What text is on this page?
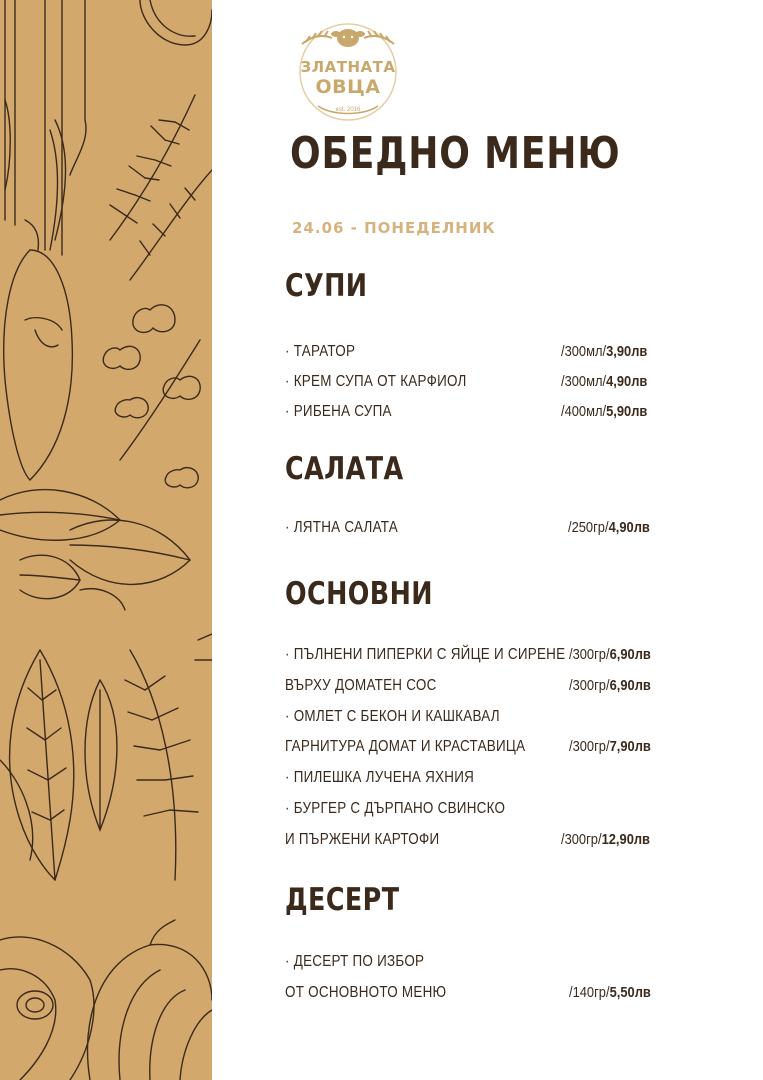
ЗЛАТНАТА
ОВЦА
est. 2016
ОБЕДНО МЕНЮ
24.06 - ПОНЕДЕЛНИК
СУПИ
· ТАРАТОР	/300мл/3,90лв
· КРЕМ СУПА ОТ КАРФИОЛ	/300мл/4,90лв
· РИБЕНА СУПА	/400мл/5,90лв
САЛАТА
· ЛЯТНА САЛАТА	/250гр/4,90лв
ОСНОВНИ
· ПЪЛНЕНИ ПИПЕРКИ С ЯЙЦЕ И СИРЕНЕ /300гр/6,90лв
ВЪРХУ ДОМАТЕН СОС	/300гр/6,90лв
· ОМЛЕТ С БЕКОН И КАШКАВАЛ
ГАРНИТУРА ДОМАТ И КРАСТАВИЦА	/300гр/7,90лв
· ПИЛЕШКА ЛУЧЕНА ЯХНИЯ
· БУРГЕР С ДЪРПАНО СВИНСКО
И ПЪРЖЕНИ КАРТОФИ	/300гр/12,90лв
ДЕСЕРТ
· ДЕСЕРТ ПО ИЗБОР
ОТ ОСНОВНОТО МЕНЮ	/140гр/5,50лв
